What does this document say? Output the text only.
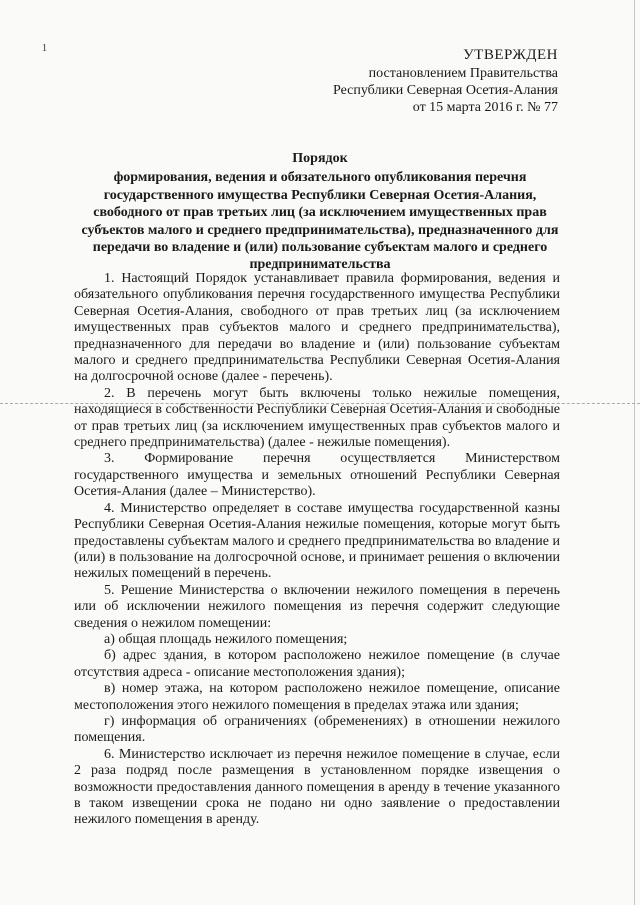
1	УТВЕРЖДЕН
постановлением Правительства
Республики Северная Осетия-Алания
от 15 марта 2016 г. № 77
Порядок
формирования, ведения и обязательного опубликования перечня государственного имущества Республики Северная Осетия-Алания, свободного от прав третьих лиц (за исключением имущественных прав субъектов малого и среднего предпринимательства), предназначенного для передачи во владение и (или) пользование субъектам малого и среднего предпринимательства

1. Настоящий Порядок устанавливает правила формирования, ведения и обязательного опубликования перечня государственного имущества Республики Северная Осетия-Алания, свободного от прав третьих лиц (за исключением имущественных прав субъектов малого и среднего предпринимательства), предназначенного для передачи во владение и (или) пользование субъектам малого и среднего предпринимательства Республики Северная Осетия-Алания на долгосрочной основе (далее - перечень).

2. В перечень могут быть включены только нежилые помещения, находящиеся в собственности Республики Северная Осетия-Алания и свободные от прав третьих лиц (за исключением имущественных прав субъектов малого и среднего предпринимательства) (далее - нежилые помещения).

3. Формирование перечня осуществляется Министерством государственного имущества и земельных отношений Республики Северная Осетия-Алания (далее – Министерство).

4. Министерство определяет в составе имущества государственной казны Республики Северная Осетия-Алания нежилые помещения, которые могут быть предоставлены субъектам малого и среднего предпринимательства во владение и (или) в пользование на долгосрочной основе, и принимает решения о включении нежилых помещений в перечень.

5. Решение Министерства о включении нежилого помещения в перечень или об исключении нежилого помещения из перечня содержит следующие сведения о нежилом помещении:

а) общая площадь нежилого помещения;

б) адрес здания, в котором расположено нежилое помещение (в случае отсутствия адреса - описание местоположения здания);

в) номер этажа, на котором расположено нежилое помещение, описание местоположения этого нежилого помещения в пределах этажа или здания;

г) информация об ограничениях (обременениях) в отношении нежилого помещения.

6. Министерство исключает из перечня нежилое помещение в случае, если 2 раза подряд после размещения в установленном порядке извещения о возможности предоставления данного помещения в аренду в течение указанного в таком извещении срока не подано ни одно заявление о предоставлении нежилого помещения в аренду.
